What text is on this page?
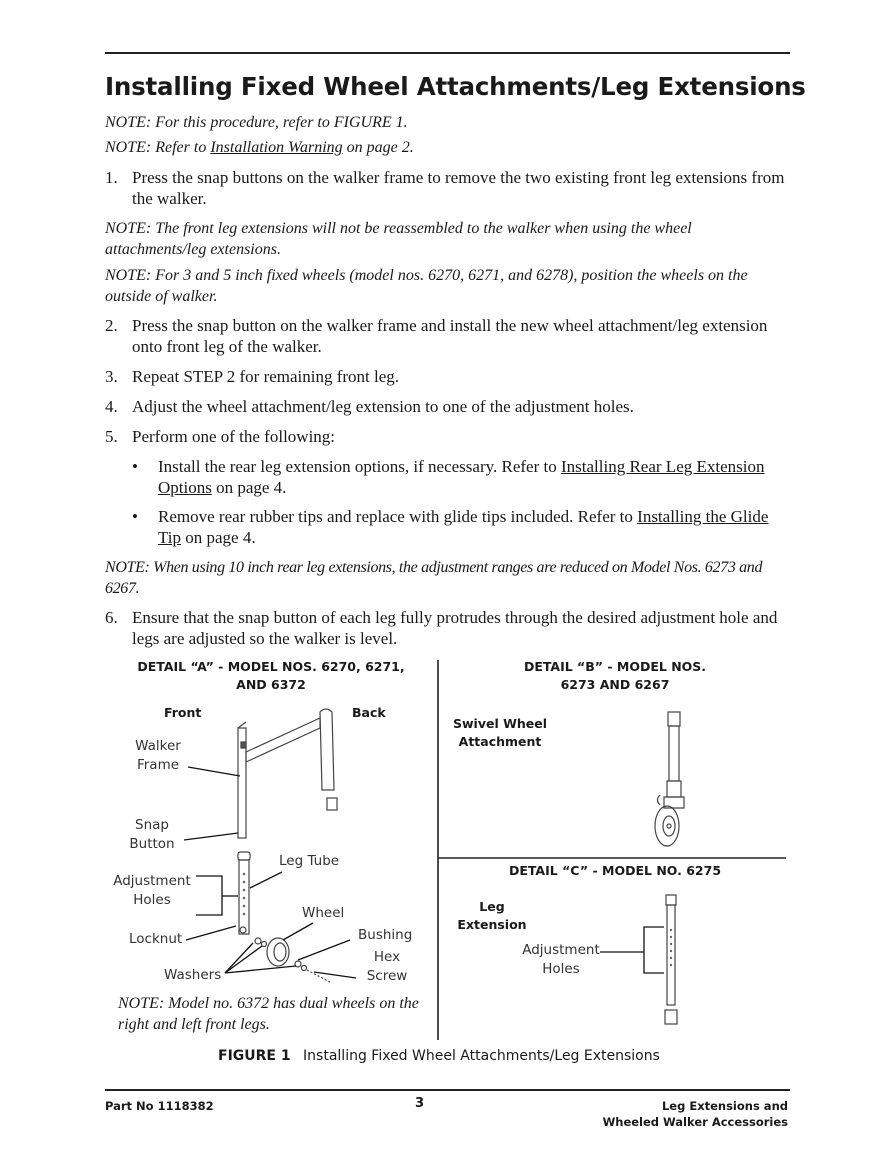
Installing Fixed Wheel Attachments/Leg Extensions
NOTE: For this procedure, refer to FIGURE 1.
NOTE: Refer to Installation Warning on page 2.
1. Press the snap buttons on the walker frame to remove the two existing front leg extensions from the walker.
NOTE: The front leg extensions will not be reassembled to the walker when using the wheel attachments/leg extensions.
NOTE: For 3 and 5 inch fixed wheels (model nos. 6270, 6271, and 6278), position the wheels on the outside of walker.
2. Press the snap button on the walker frame and install the new wheel attachment/leg extension onto front leg of the walker.
3. Repeat STEP 2 for remaining front leg.
4. Adjust the wheel attachment/leg extension to one of the adjustment holes.
5. Perform one of the following:
• Install the rear leg extension options, if necessary. Refer to Installing Rear Leg Extension Options on page 4.
• Remove rear rubber tips and replace with glide tips included. Refer to Installing the Glide Tip on page 4.
NOTE: When using 10 inch rear leg extensions, the adjustment ranges are reduced on Model Nos. 6273 and 6267.
6. Ensure that the snap button of each leg fully protrudes through the desired adjustment hole and legs are adjusted so the walker is level.
DETAIL “A” - MODEL NOS. 6270, 6271,
AND 6372
Front	Back
Walker
Frame
Snap
Button
Leg Tube
Adjustment
Holes
Wheel
Locknut	Bushing
Hex
Screw
Washers
NOTE: Model no. 6372 has dual wheels on the right and left front legs.
DETAIL “B” - MODEL NOS.
6273 AND 6267
Swivel Wheel
Attachment
DETAIL “C” - MODEL NO. 6275
Leg
Extension
Adjustment
Holes
FIGURE 1 Installing Fixed Wheel Attachments/Leg Extensions
Part No 1118382	3	Leg Extensions and
Wheeled Walker Accessories
